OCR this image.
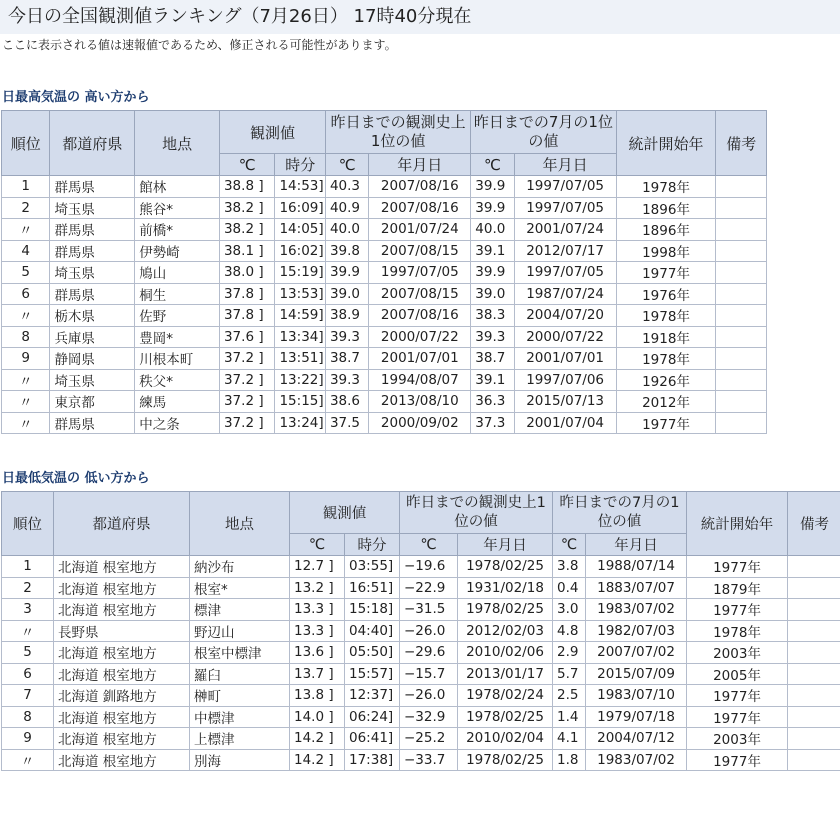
今日の全国観測値ランキング（7月26日） 17時40分現在
ここに表示される値は速報値であるため、修正される可能性があります。
日最高気温の 高い方から
順位	都道府県	地点	観測値		昨日までの観測史上1位の値		昨日までの7月の1位の値		統計開始年	備考
			℃	時分	℃	年月日	℃	年月日		
1	群馬県	館林	38.8 ]	14:53]	40.3	2007/08/16	39.9	1997/07/05	1978年	
2	埼玉県	熊谷*	38.2 ]	16:09]	40.9	2007/08/16	39.9	1997/07/05	1896年	
〃	群馬県	前橋*	38.2 ]	14:05]	40.0	2001/07/24	40.0	2001/07/24	1896年	
4	群馬県	伊勢崎	38.1 ]	16:02]	39.8	2007/08/15	39.1	2012/07/17	1998年	
5	埼玉県	鳩山	38.0 ]	15:19]	39.9	1997/07/05	39.9	1997/07/05	1977年	
6	群馬県	桐生	37.8 ]	13:53]	39.0	2007/08/15	39.0	1987/07/24	1976年	
〃	栃木県	佐野	37.8 ]	14:59]	38.9	2007/08/16	38.3	2004/07/20	1978年	
8	兵庫県	豊岡*	37.6 ]	13:34]	39.3	2000/07/22	39.3	2000/07/22	1918年	
9	静岡県	川根本町	37.2 ]	13:51]	38.7	2001/07/01	38.7	2001/07/01	1978年	
〃	埼玉県	秩父*	37.2 ]	13:22]	39.3	1994/08/07	39.1	1997/07/06	1926年	
〃	東京都	練馬	37.2 ]	15:15]	38.6	2013/08/10	36.3	2015/07/13	2012年	
〃	群馬県	中之条	37.2 ]	13:24]	37.5	2000/09/02	37.3	2001/07/04	1977年	
日最低気温の 低い方から
順位	都道府県	地点	観測値		昨日までの観測史上1位の値		昨日までの7月の1位の値		統計開始年	備考
			℃	時分	℃	年月日	℃	年月日		
1	北海道 根室地方	納沙布	12.7 ]	03:55]	−19.6	1978/02/25	3.8	1988/07/14	1977年	
2	北海道 根室地方	根室*	13.2 ]	16:51]	−22.9	1931/02/18	0.4	1883/07/07	1879年	
3	北海道 根室地方	標津	13.3 ]	15:18]	−31.5	1978/02/25	3.0	1983/07/02	1977年	
〃	長野県	野辺山	13.3 ]	04:40]	−26.0	2012/02/03	4.8	1982/07/03	1978年	
5	北海道 根室地方	根室中標津	13.6 ]	05:50]	−29.6	2010/02/06	2.9	2007/07/02	2003年	
6	北海道 根室地方	羅臼	13.7 ]	15:57]	−15.7	2013/01/17	5.7	2015/07/09	2005年	
7	北海道 釧路地方	榊町	13.8 ]	12:37]	−26.0	1978/02/24	2.5	1983/07/10	1977年	
8	北海道 根室地方	中標津	14.0 ]	06:24]	−32.9	1978/02/25	1.4	1979/07/18	1977年	
9	北海道 根室地方	上標津	14.2 ]	06:41]	−25.2	2010/02/04	4.1	2004/07/12	2003年	
〃	北海道 根室地方	別海	14.2 ]	17:38]	−33.7	1978/02/25	1.8	1983/07/02	1977年	
